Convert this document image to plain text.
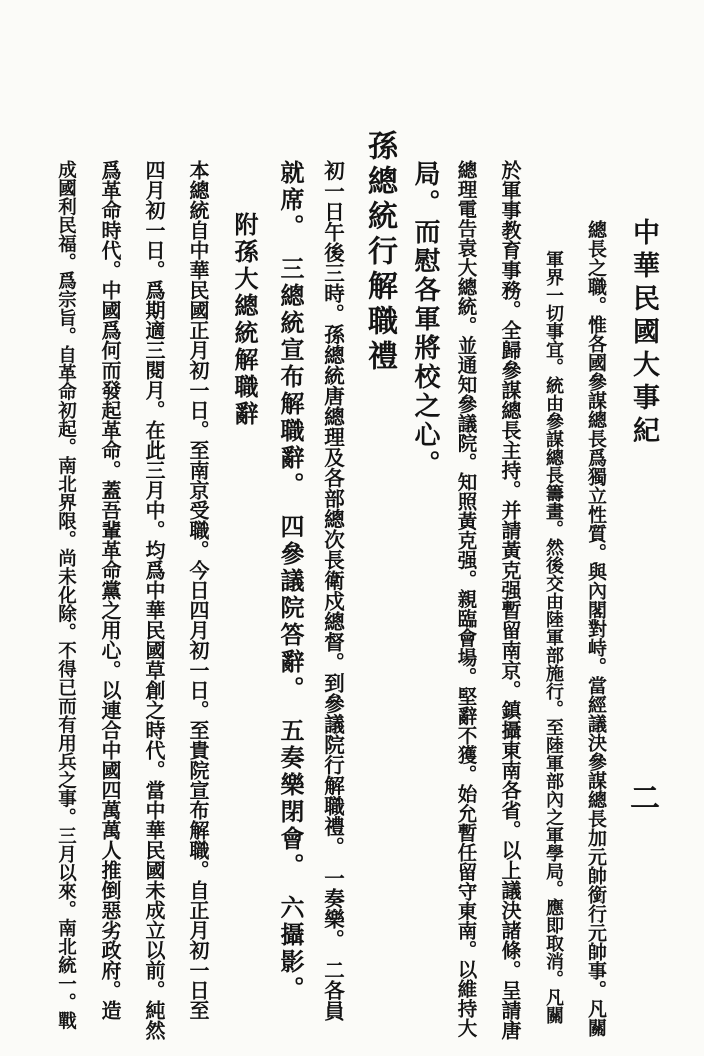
中華民國大事紀
二
總長之職。惟各國參謀總長爲獨立性質。與內閣對峙。當經議決參謀總長加元帥銜行元帥事。凡關
軍界一切事宜。統由參謀總長籌畫。然後交由陸軍部施行。至陸軍部內之軍學局。應即取消。凡關
於軍事教育事務。全歸參謀總長主持。并請黃克强暫留南京。鎮攝東南各省。以上議決諸條。呈請唐
總理電告袁大總統。並通知參議院。知照黃克强。親臨會場。堅辭不獲。始允暫任留守東南。以維持大
局。而慰各軍將校之心。
孫總統行解職禮
初一日午後三時。孫總統唐總理及各部總次長衛戍總督。到參議院行解職禮。　一奏樂。　二各員
就席。　三總統宣布解職辭。　四參議院答辭。　五奏樂閉會。　六攝影。
附孫大總統解職辭
本總統自中華民國正月初一日。至南京受職。今日四月初一日。至貴院宣布解職。自正月初一日至
四月初一日。爲期適三閱月。在此三月中。均爲中華民國草創之時代。當中華民國未成立以前。純然
爲革命時代。中國爲何而發起革命。蓋吾輩革命黨之用心。以連合中國四萬萬人推倒惡劣政府。造
成國利民福。爲宗旨。自革命初起。南北界限。尚未化除。不得已而有用兵之事。三月以來。南北統一。戰
